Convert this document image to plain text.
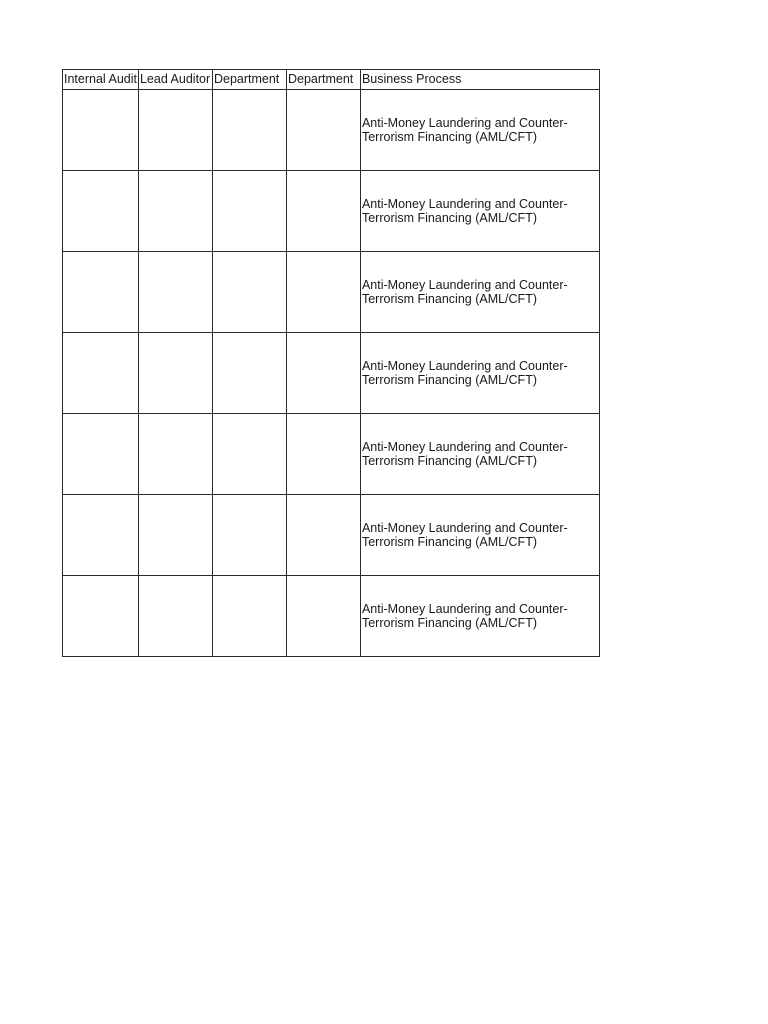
Internal Audit	Lead Auditor	Department	Department	Business Process
				Anti-Money Laundering and Counter-Terrorism Financing (AML/CFT)
				Anti-Money Laundering and Counter-Terrorism Financing (AML/CFT)
				Anti-Money Laundering and Counter-Terrorism Financing (AML/CFT)
				Anti-Money Laundering and Counter-Terrorism Financing (AML/CFT)
				Anti-Money Laundering and Counter-Terrorism Financing (AML/CFT)
				Anti-Money Laundering and Counter-Terrorism Financing (AML/CFT)
				Anti-Money Laundering and Counter-Terrorism Financing (AML/CFT)
